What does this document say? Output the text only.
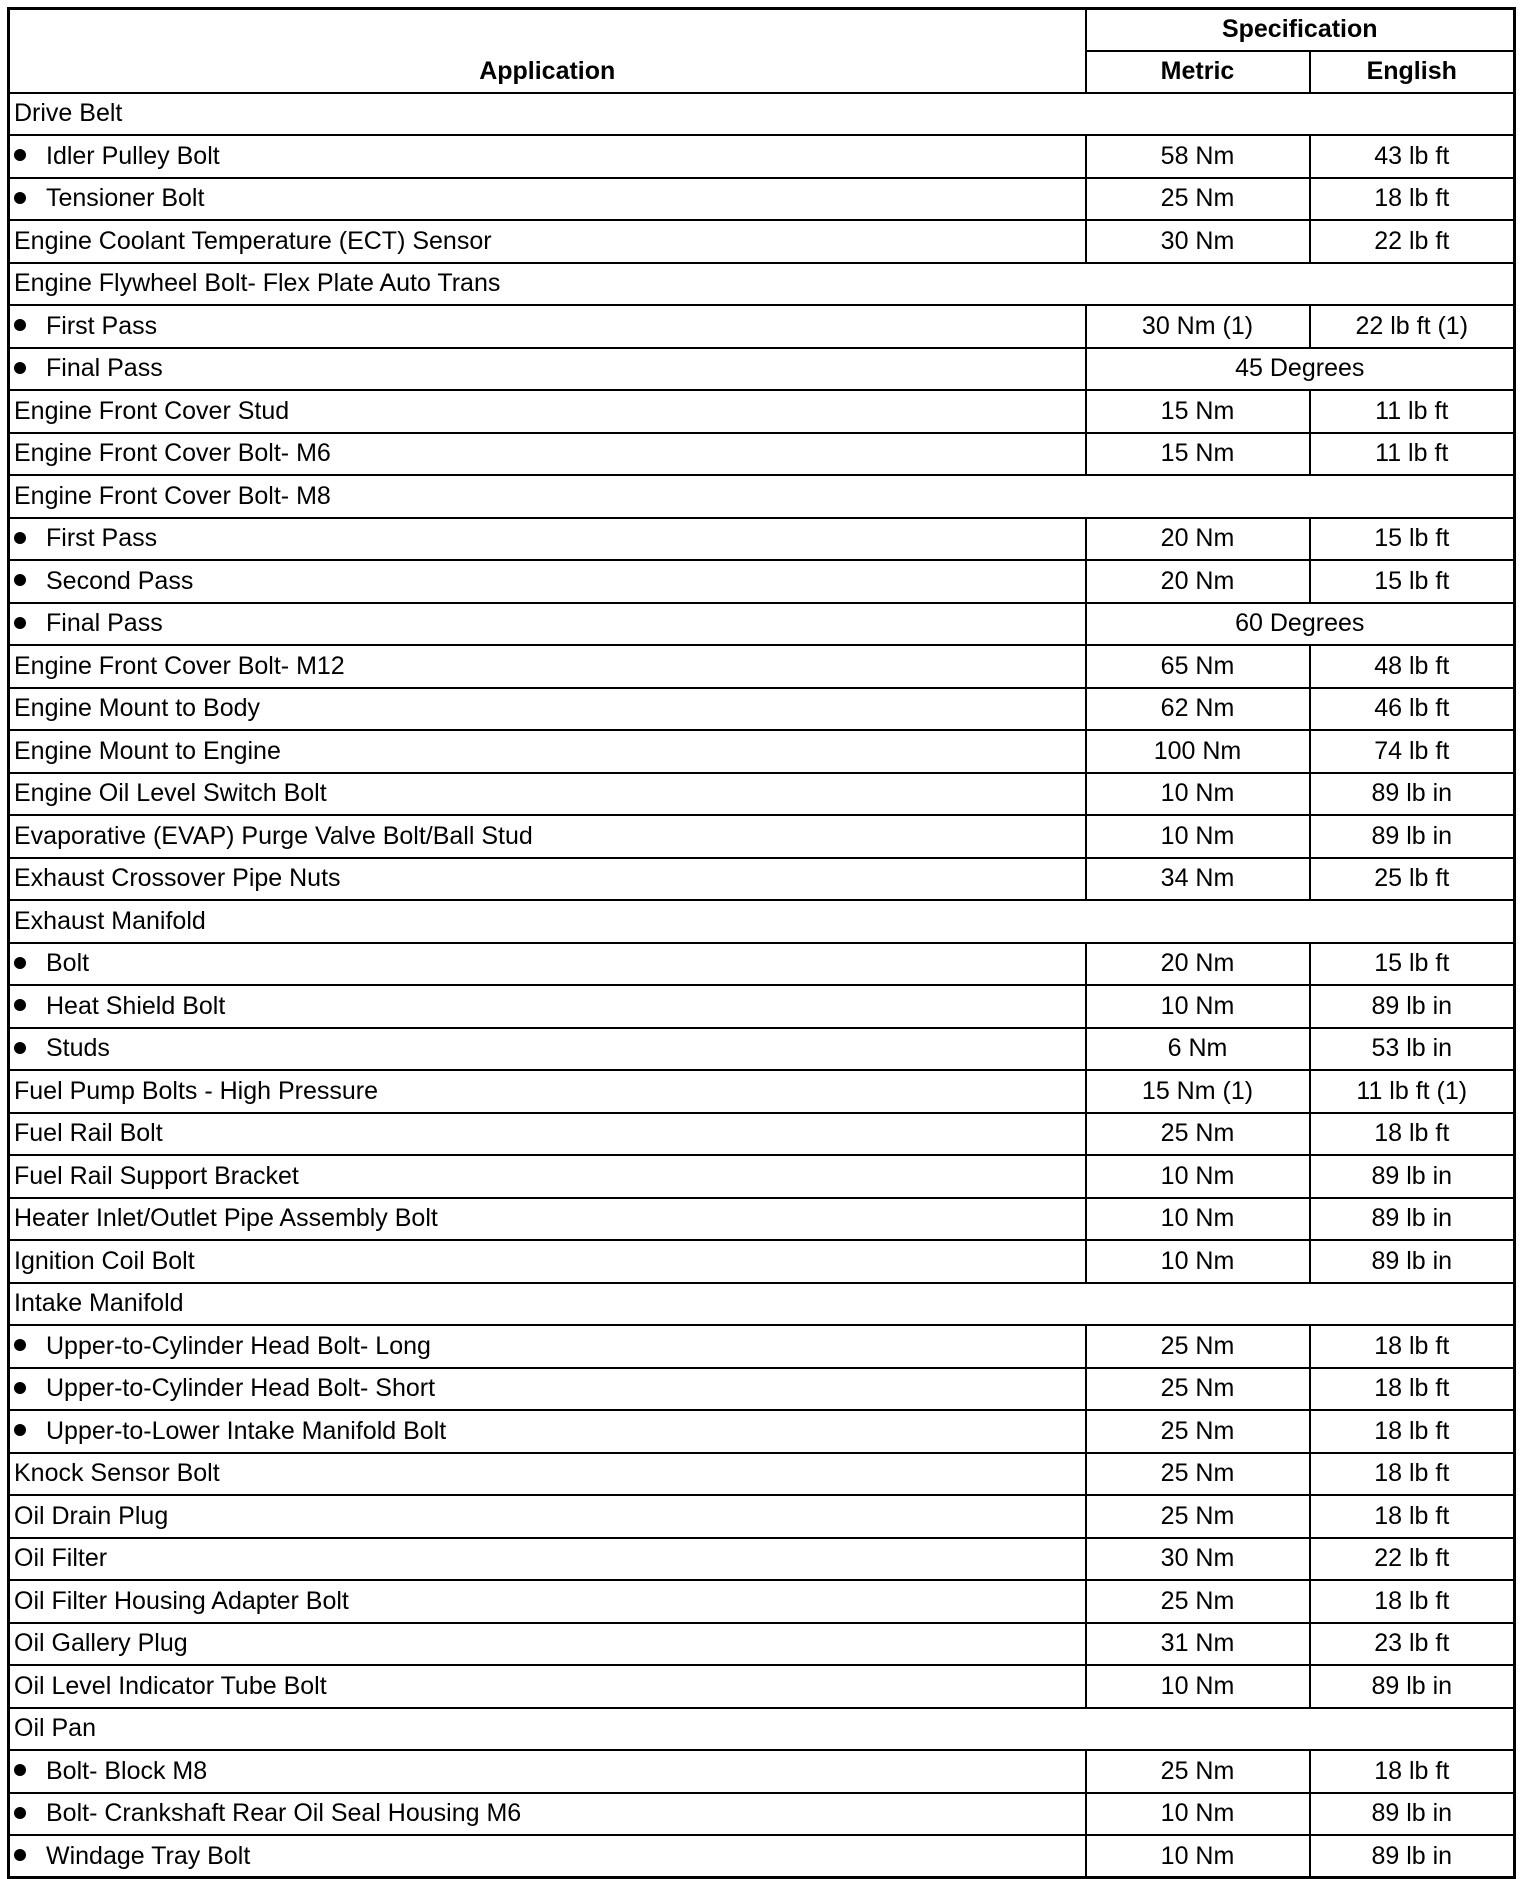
Application	Specification	
	Metric	English
Drive Belt		
Idler Pulley Bolt	58 Nm	43 lb ft
Tensioner Bolt	25 Nm	18 lb ft
Engine Coolant Temperature (ECT) Sensor	30 Nm	22 lb ft
Engine Flywheel Bolt- Flex Plate Auto Trans		
First Pass	30 Nm (1)	22 lb ft (1)
Final Pass	45 Degrees	
Engine Front Cover Stud	15 Nm	11 lb ft
Engine Front Cover Bolt- M6	15 Nm	11 lb ft
Engine Front Cover Bolt- M8		
First Pass	20 Nm	15 lb ft
Second Pass	20 Nm	15 lb ft
Final Pass	60 Degrees	
Engine Front Cover Bolt- M12	65 Nm	48 lb ft
Engine Mount to Body	62 Nm	46 lb ft
Engine Mount to Engine	100 Nm	74 lb ft
Engine Oil Level Switch Bolt	10 Nm	89 lb in
Evaporative (EVAP) Purge Valve Bolt/Ball Stud	10 Nm	89 lb in
Exhaust Crossover Pipe Nuts	34 Nm	25 lb ft
Exhaust Manifold		
Bolt	20 Nm	15 lb ft
Heat Shield Bolt	10 Nm	89 lb in
Studs	6 Nm	53 lb in
Fuel Pump Bolts - High Pressure	15 Nm (1)	11 lb ft (1)
Fuel Rail Bolt	25 Nm	18 lb ft
Fuel Rail Support Bracket	10 Nm	89 lb in
Heater Inlet/Outlet Pipe Assembly Bolt	10 Nm	89 lb in
Ignition Coil Bolt	10 Nm	89 lb in
Intake Manifold		
Upper-to-Cylinder Head Bolt- Long	25 Nm	18 lb ft
Upper-to-Cylinder Head Bolt- Short	25 Nm	18 lb ft
Upper-to-Lower Intake Manifold Bolt	25 Nm	18 lb ft
Knock Sensor Bolt	25 Nm	18 lb ft
Oil Drain Plug	25 Nm	18 lb ft
Oil Filter	30 Nm	22 lb ft
Oil Filter Housing Adapter Bolt	25 Nm	18 lb ft
Oil Gallery Plug	31 Nm	23 lb ft
Oil Level Indicator Tube Bolt	10 Nm	89 lb in
Oil Pan		
Bolt- Block M8	25 Nm	18 lb ft
Bolt- Crankshaft Rear Oil Seal Housing M6	10 Nm	89 lb in
Windage Tray Bolt	10 Nm	89 lb in
